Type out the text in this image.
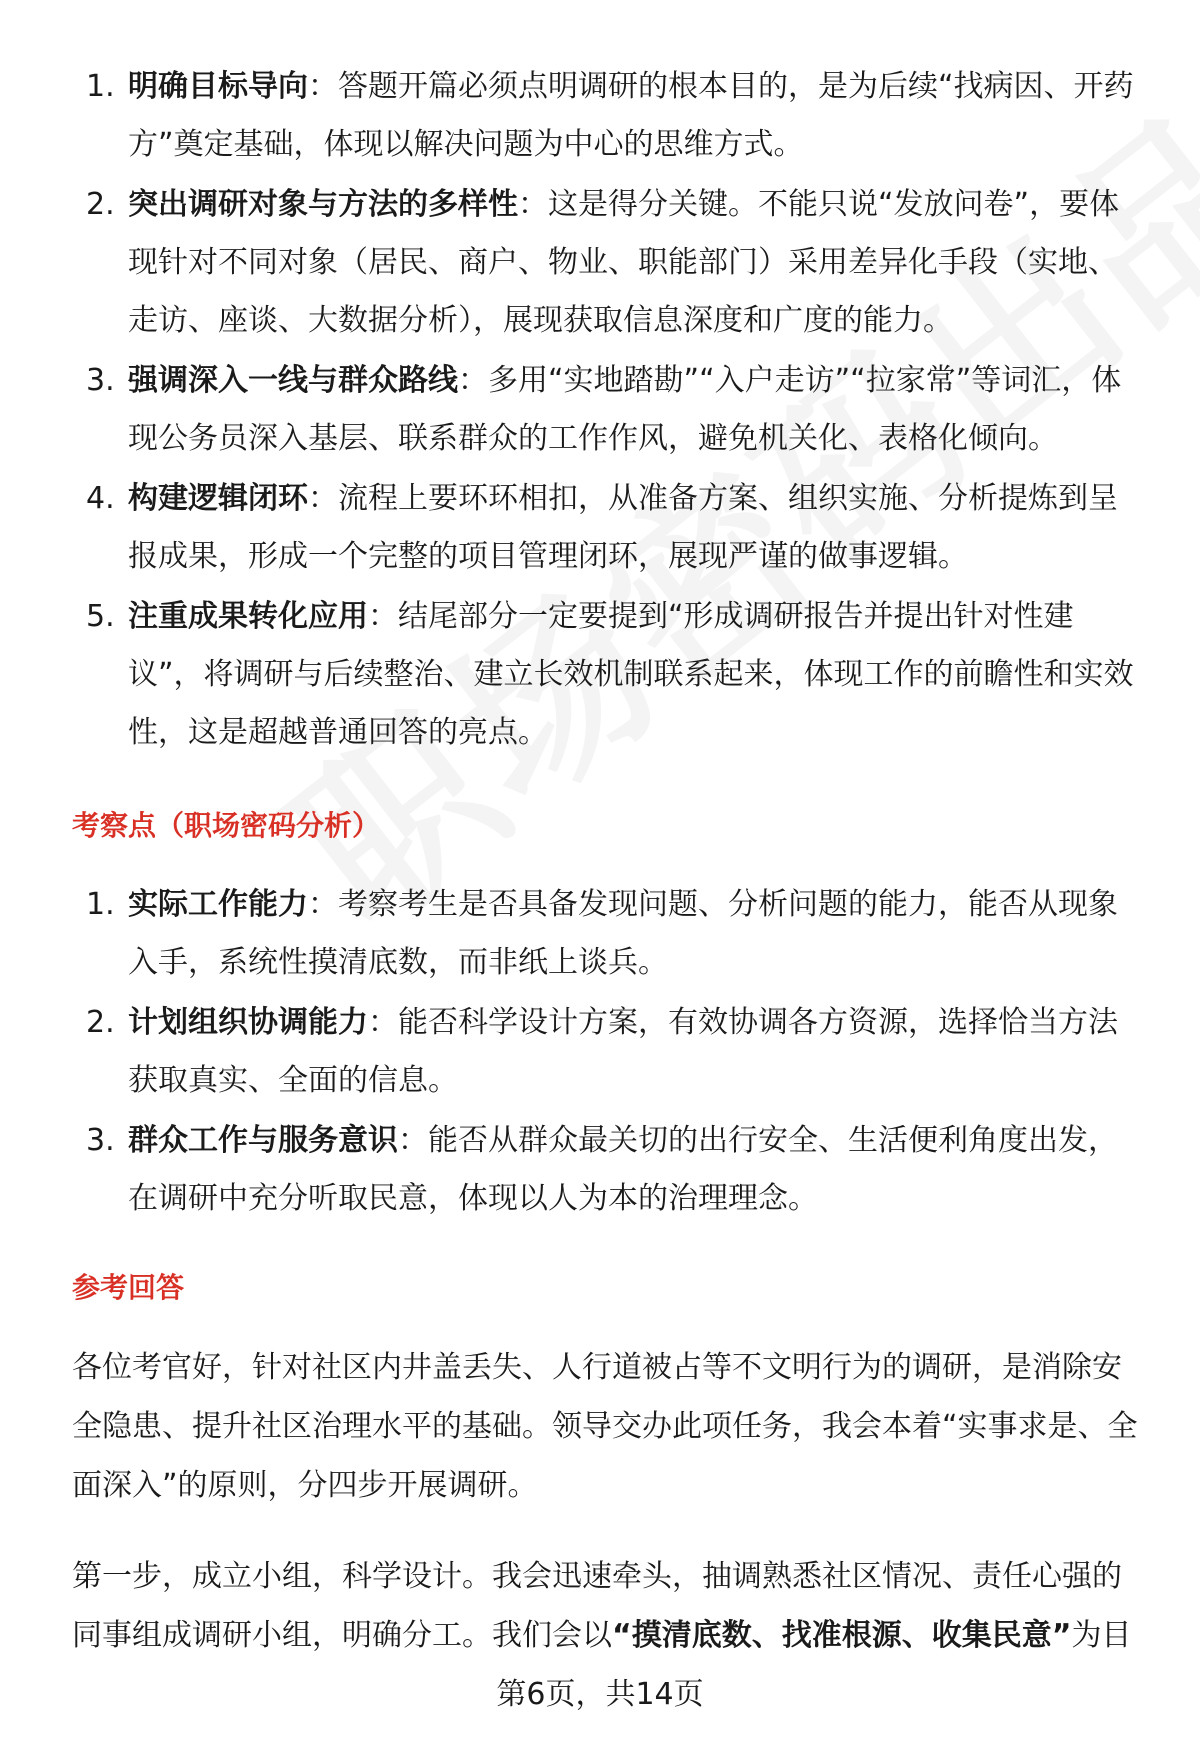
1. 明确目标导向：答题开篇必须点明调研的根本目的，是为后续“找病因、开药方”奠定基础，体现以解决问题为中心的思维方式。
2. 突出调研对象与方法的多样性：这是得分关键。不能只说“发放问卷”，要体现针对不同对象（居民、商户、物业、职能部门）采用差异化手段（实地、走访、座谈、大数据分析），展现获取信息深度和广度的能力。
3. 强调深入一线与群众路线：多用“实地踏勘”“入户走访”“拉家常”等词汇，体现公务员深入基层、联系群众的工作作风，避免机关化、表格化倾向。
4. 构建逻辑闭环：流程上要环环相扣，从准备方案、组织实施、分析提炼到呈报成果，形成一个完整的项目管理闭环，展现严谨的做事逻辑。
5. 注重成果转化应用：结尾部分一定要提到“形成调研报告并提出针对性建议”，将调研与后续整治、建立长效机制联系起来，体现工作的前瞻性和实效性，这是超越普通回答的亮点。
考察点（职场密码分析）
1. 实际工作能力：考察考生是否具备发现问题、分析问题的能力，能否从现象入手，系统性摸清底数，而非纸上谈兵。
2. 计划组织协调能力：能否科学设计方案，有效协调各方资源，选择恰当方法获取真实、全面的信息。
3. 群众工作与服务意识：能否从群众最关切的出行安全、生活便利角度出发，在调研中充分听取民意，体现以人为本的治理理念。
参考回答

各位考官好，针对社区内井盖丢失、人行道被占等不文明行为的调研，是消除安全隐患、提升社区治理水平的基础。领导交办此项任务，我会本着“实事求是、全面深入”的原则，分四步开展调研。

第一步，成立小组，科学设计。我会迅速牵头，抽调熟悉社区情况、责任心强的同事组成调研小组，明确分工。我们会以“摸清底数、找准根源、收集民意”为目

第6页，共14页
